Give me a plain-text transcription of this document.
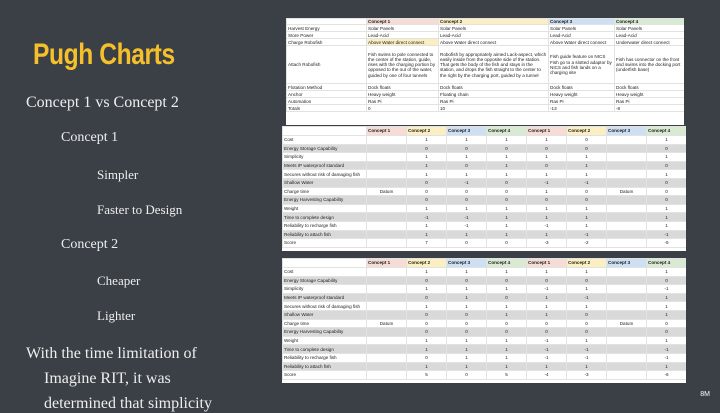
Pugh Charts
Concept 1 vs Concept 2
Concept 1
Simpler
Faster to Design
Concept 2
Cheaper
Lighter
With the time limitation of
Imagine RIT, it was
determined that simplicity
	Concept 1	Concept 2	Concept 3	Concept 4
Harvest Energy	Solar Panels	Solar Panels	Solar Panels	Solar Panels
Store Power	Lead-Acid	Lead-Acid	Lead-Acid	Lead-Acid
Charge Robofish	Above Water direct connect	Above Water direct connect	Above Water direct connect	Underwater direct connect
Attach Robofish	Fish swims to pole connected to the center of the station, guide, rises with the charging portion by opposed to the out of the water, guided by one of four tunnels	Robofish by appropriately aimed Lack-aspect, which easily inside from the opposite side of the station. That gets the body of the fish and stays in the station, and drops the fish straight to the center to the right by the charging port, guided by a tunnel	Fish guide feature on NICS Fish go to a slotted adaptor by NICS and fish lands on a charging site	Fish has connector on the front and swims into the docking port (underfish base)
Flotation Method	Dock floats	Dock floats	Dock floats	Dock floats
Anchor	Heavy weight	Floating chain	Heavy weight	Heavy weight
Automation	Ras Pi	Ras Pi	Ras Pi	Ras Pi
Totals	0	10	-13	-8
	Concept 1	Concept 2	Concept 3	Concept 4	Concept 1	Concept 2	Concept 3	Concept 4
Cost		1	1	1	1	0		1
Energy Storage Capability		0	0	0	0	0		0
Simplicity		1	1	1	1	1		1
Meets IP waterproof standard		1	0	1	0	1		0
Secures without risk of damaging fish		1	1	1	1	1		1
Shallow Water		0	-1	0	-1	-1		0
Charge time	Datum	0	0	0	1	0	Datum	0
Energy Harvesting Capability		0	0	0	0	0		0
Weight		1	1	1	1	1		1
Time to complete design		-1	-1	1	1	1		1
Reliability to recharge fish		1	-1	1	-1	1		1
Reliability to attach fish		1	1	1	1	-1		-1
Score		7	0	0	-3	-2		-5
	Concept 1	Concept 2	Concept 3	Concept 4	Concept 1	Concept 2	Concept 3	Concept 4
Cost		1	1	1	1	1		1
Energy Storage Capability		0	0	0	0	0		0
Simplicity		1	1	1	-1	1		-1
Meets IP waterproof standard		0	1	0	1	-1		1
Secures without risk of damaging fish		1	1	1	1	1		1
Shallow Water		0	0	1	1	0		1
Charge time	Datum	0	0	0	0	0	Datum	0
Energy Harvesting Capability		0	0	0	0	0		0
Weight		1	1	1	-1	1		1
Time to complete design		1	1	1	-1	-1		-1
Reliability to recharge fish		0	1	1	-1	-1		-1
Reliability to attach fish		1	1	1	1	1		1
Score		5	0	5	-4	-3		-6
8M
